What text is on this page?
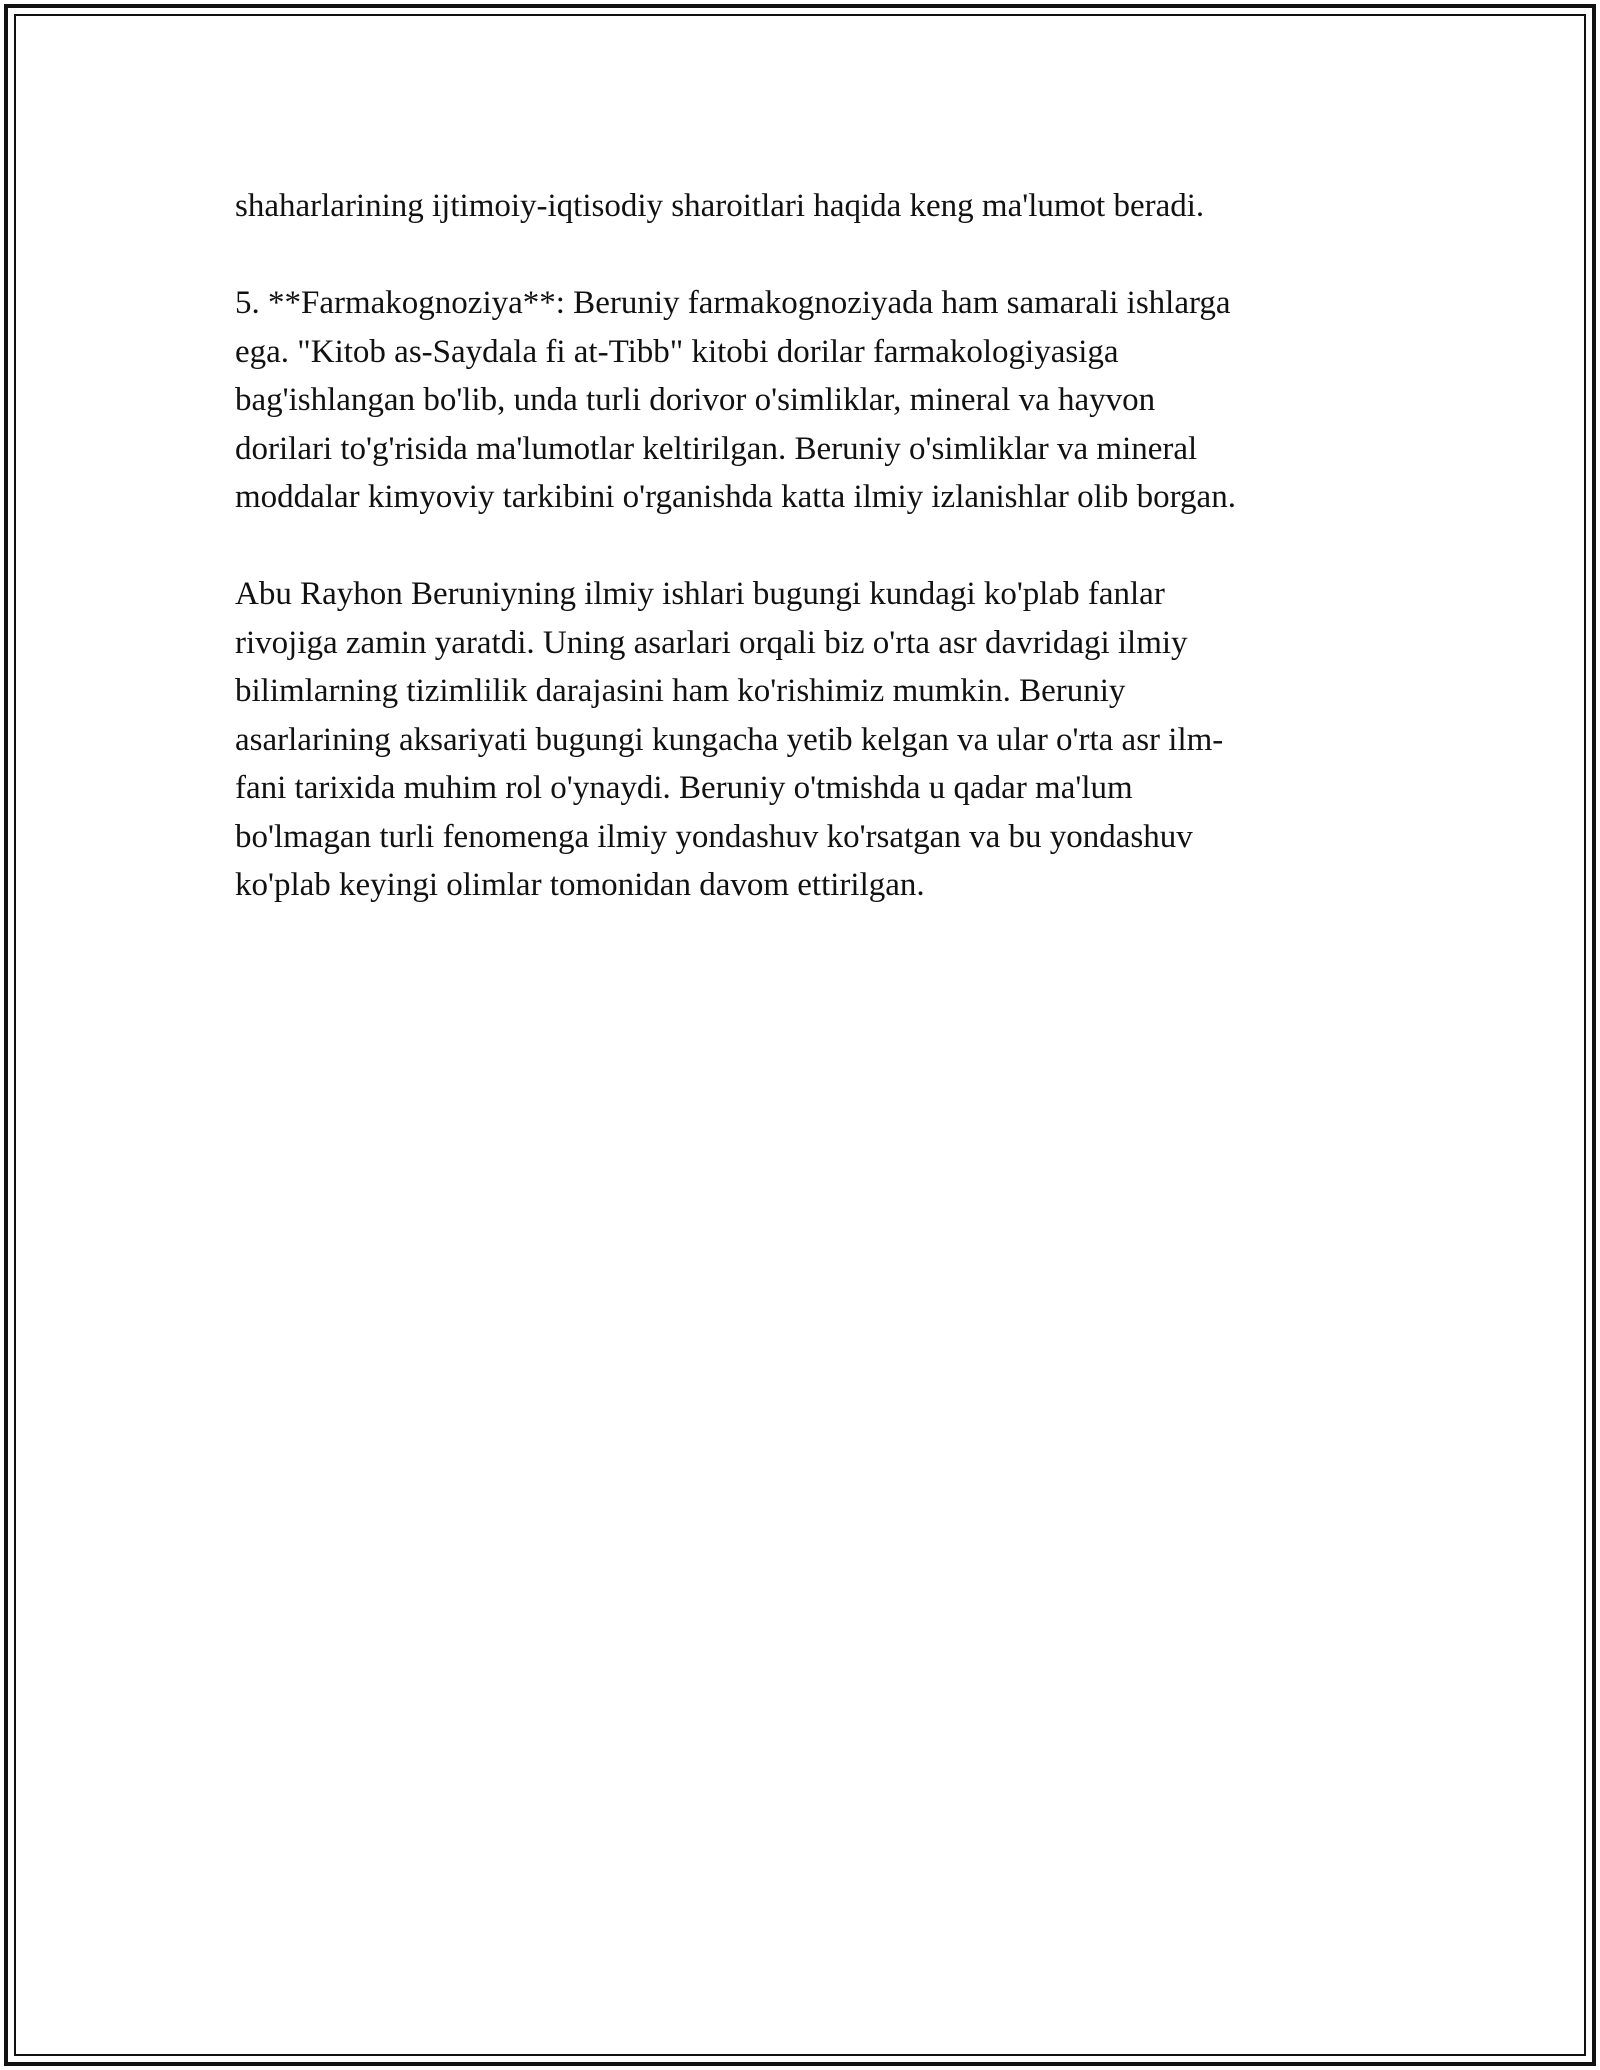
shaharlarining ijtimoiy-iqtisodiy sharoitlari haqida keng ma'lumot beradi.

5. **Farmakognoziya**: Beruniy farmakognoziyada ham samarali ishlarga
ega. "Kitob as-Saydala fi at-Tibb" kitobi dorilar farmakologiyasiga
bag'ishlangan bo'lib, unda turli dorivor o'simliklar, mineral va hayvon
dorilari to'g'risida ma'lumotlar keltirilgan. Beruniy o'simliklar va mineral
moddalar kimyoviy tarkibini o'rganishda katta ilmiy izlanishlar olib borgan.

Abu Rayhon Beruniyning ilmiy ishlari bugungi kundagi ko'plab fanlar
rivojiga zamin yaratdi. Uning asarlari orqali biz o'rta asr davridagi ilmiy
bilimlarning tizimlilik darajasini ham ko'rishimiz mumkin. Beruniy
asarlarining aksariyati bugungi kungacha yetib kelgan va ular o'rta asr ilm-
fani tarixida muhim rol o'ynaydi. Beruniy o'tmishda u qadar ma'lum
bo'lmagan turli fenomenga ilmiy yondashuv ko'rsatgan va bu yondashuv
ko'plab keyingi olimlar tomonidan davom ettirilgan.
